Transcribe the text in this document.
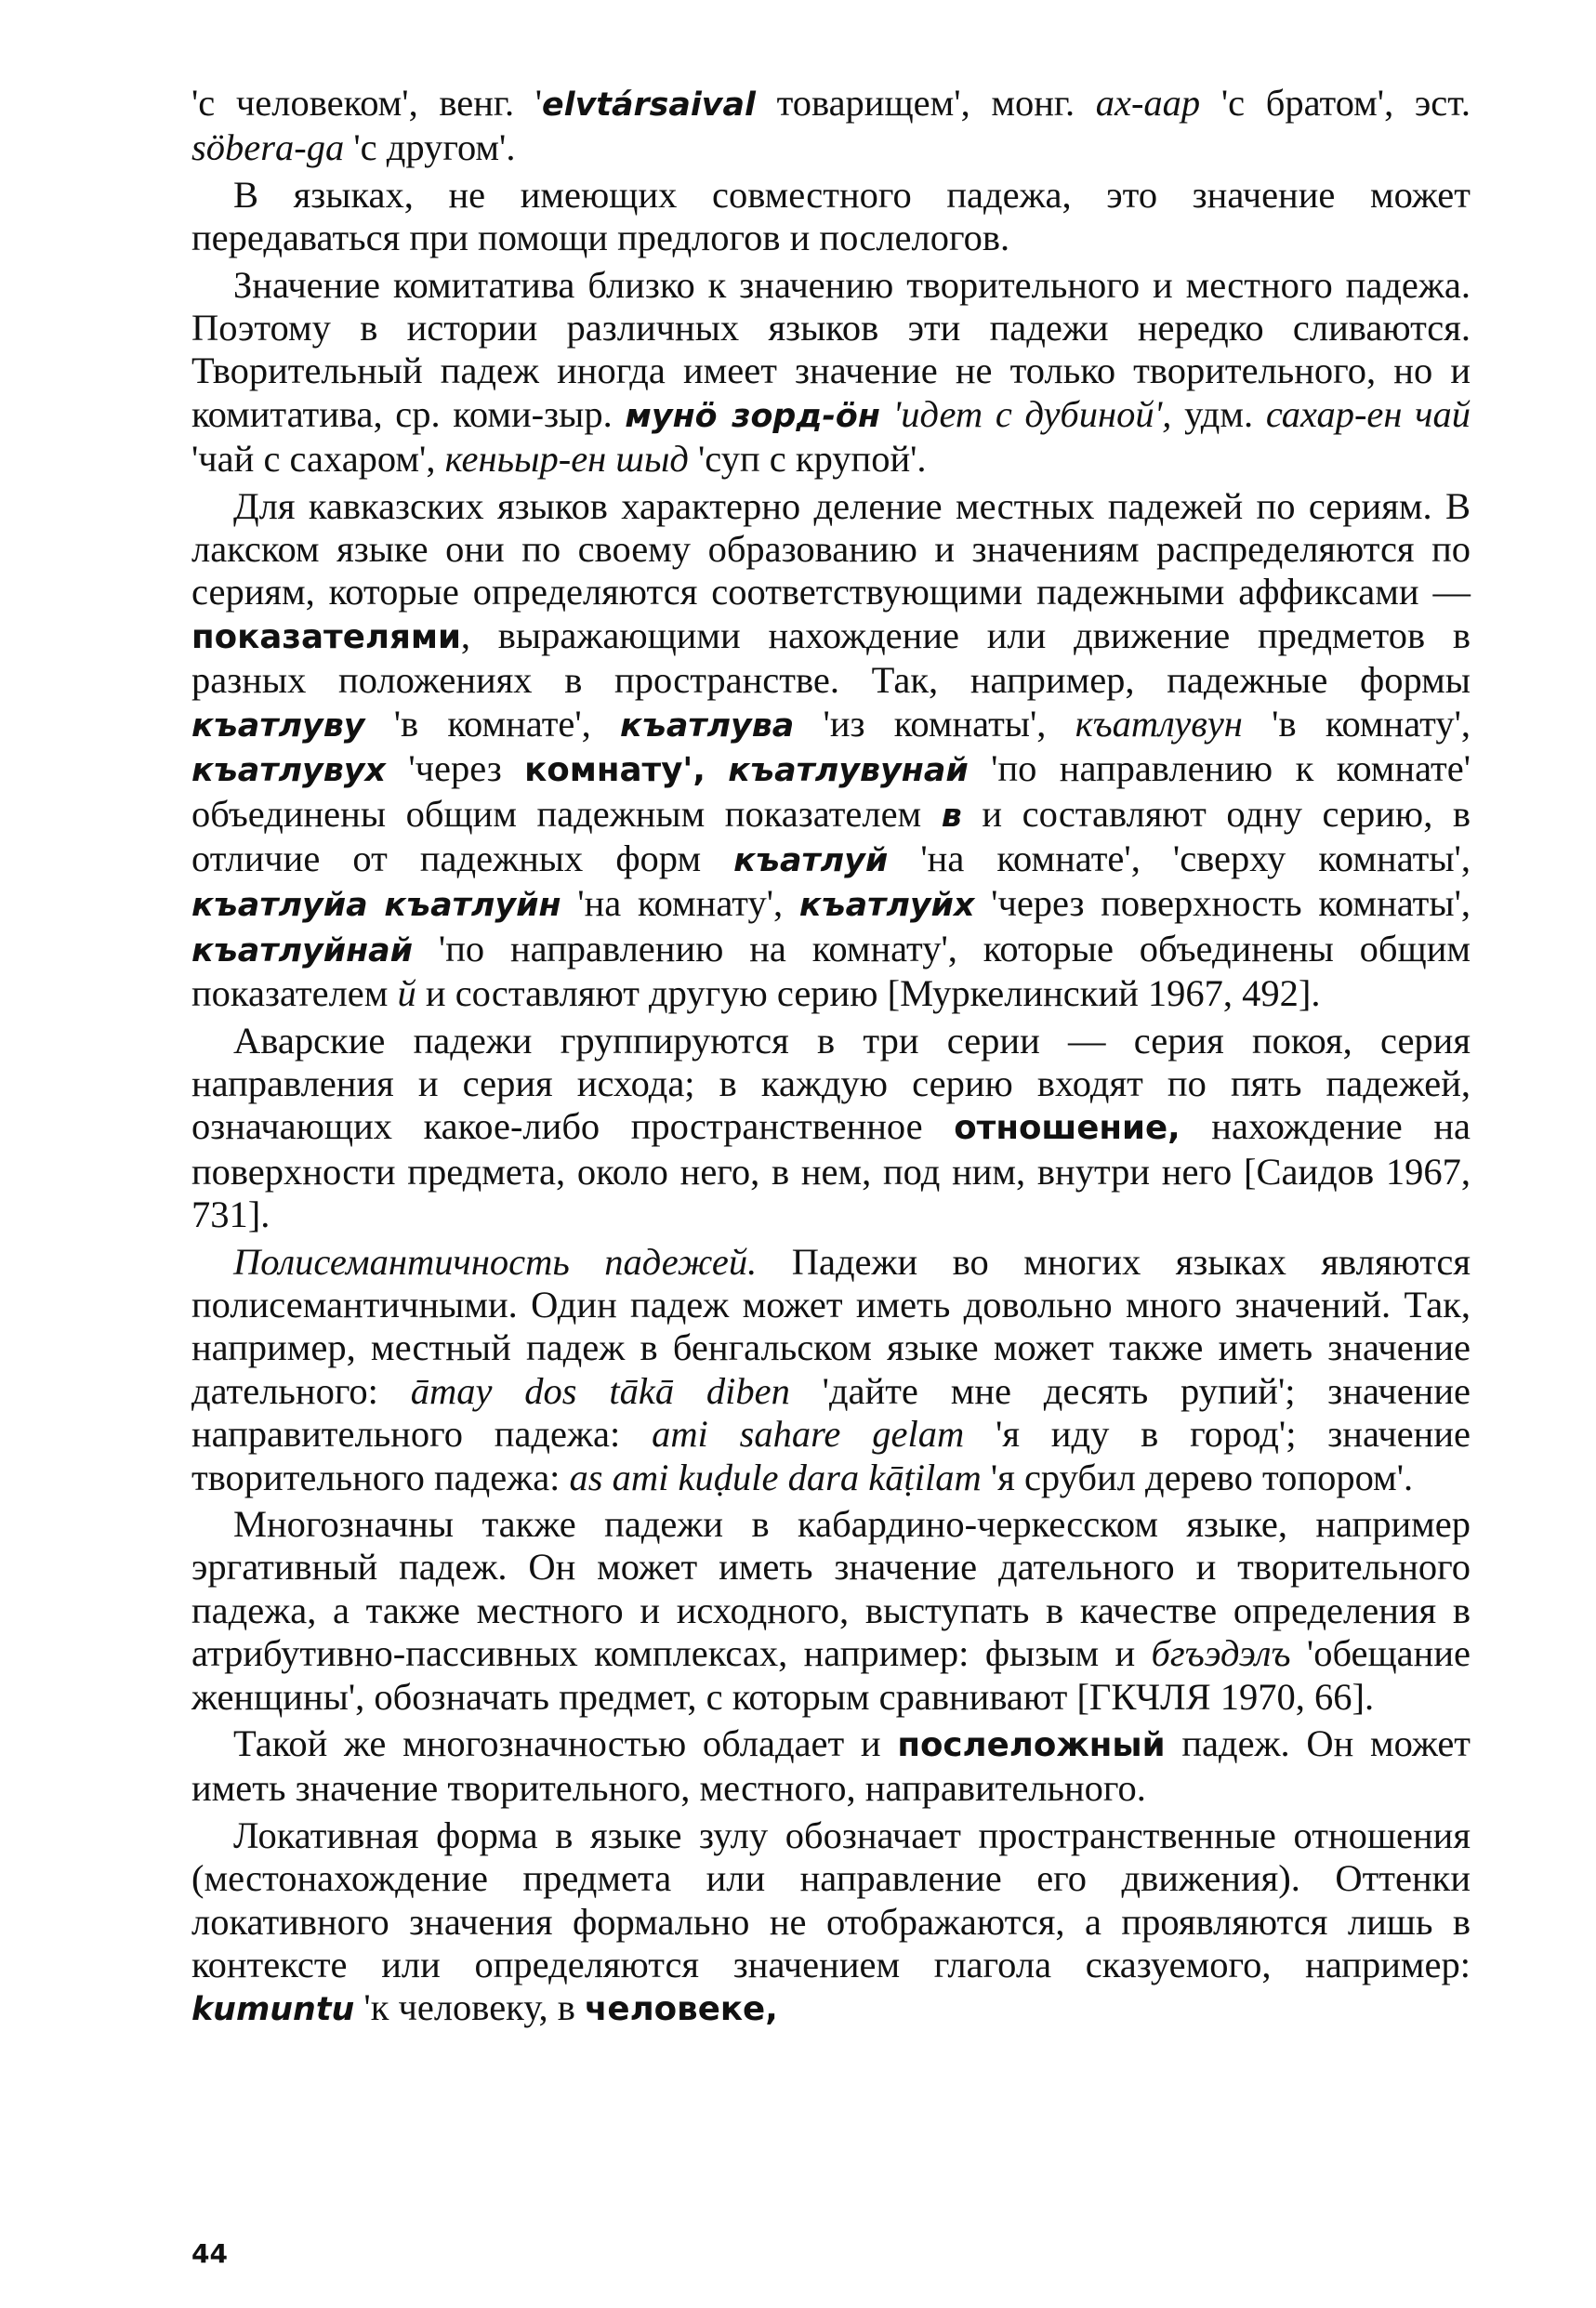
'с человеком', венг. 'elvtársaival товарищем', монг. ax-aap 'с братом', эст. söbera-ga 'с другом'.

В языках, не имеющих совместного падежа, это значение может передаваться при помощи предлогов и послелогов.

Значение комитатива близко к значению творительного и местного падежа. Поэтому в истории различных языков эти падежи нередко сливаются. Творительный падеж иногда имеет значение не только творительного, но и комитатива, ср. коми-зыр. мунö зорд-öн 'идет с дубиной', удм. сахар-ен чай 'чай с сахаром', кеньыр-ен шыд 'суп с крупой'.

Для кавказских языков характерно деление местных падежей по сериям. В лакском языке они по своему образованию и значениям распределяются по сериям, которые определяются соответствующими падежными аффиксами — показателями, выражающими нахождение или движение предметов в разных положениях в пространстве. Так, например, падежные формы къатлуву 'в комнате', къатлува 'из комнаты', къатлувун 'в комнату', къатлувух 'через комнату', къатлувунай 'по направлению к комнате' объединены общим падежным показателем в и составляют одну серию, в отличие от падежных форм къатлуй 'на комнате', 'сверху комнаты', къатлуйа къатлуйн 'на комнату', къатлуйх 'через поверхность комнаты', къатлуйнай 'по направлению на комнату', которые объединены общим показателем й и составляют другую серию [Муркелинский 1967, 492].

Аварские падежи группируются в три серии — серия покоя, серия направления и серия исхода; в каждую серию входят по пять падежей, означающих какое-либо пространственное отношение, нахождение на поверхности предмета, около него, в нем, под ним, внутри него [Саидов 1967, 731].

Полисемантичность падежей. Падежи во многих языках являются полисемантичными. Один падеж может иметь довольно много значений. Так, например, местный падеж в бенгальском языке может также иметь значение дательного: āmay dos tākā diben 'дайте мне десять рупий'; значение направительного падежа: ami sahare gelam 'я иду в город'; значение творительного падежа: as ami kuḍule dara kāṭilam 'я срубил дерево топором'.

Многозначны также падежи в кабардино-черкесском языке, например эргативный падеж. Он может иметь значение дательного и творительного падежа, а также местного и исходного, выступать в качестве определения в атрибутивно-пассивных комплексах, например: фызым и бгъэдэлъ 'обещание женщины', обозначать предмет, с которым сравнивают [ГКЧЛЯ 1970, 66].

Такой же многозначностью обладает и послеложный падеж. Он может иметь значение творительного, местного, направительного.

Локативная форма в языке зулу обозначает пространственные отношения (местонахождение предмета или направление его движения). Оттенки локативного значения формально не отображаются, а проявляются лишь в контексте или определяются значением глагола сказуемого, например: kumuntu 'к человеку, в человеке,

44
